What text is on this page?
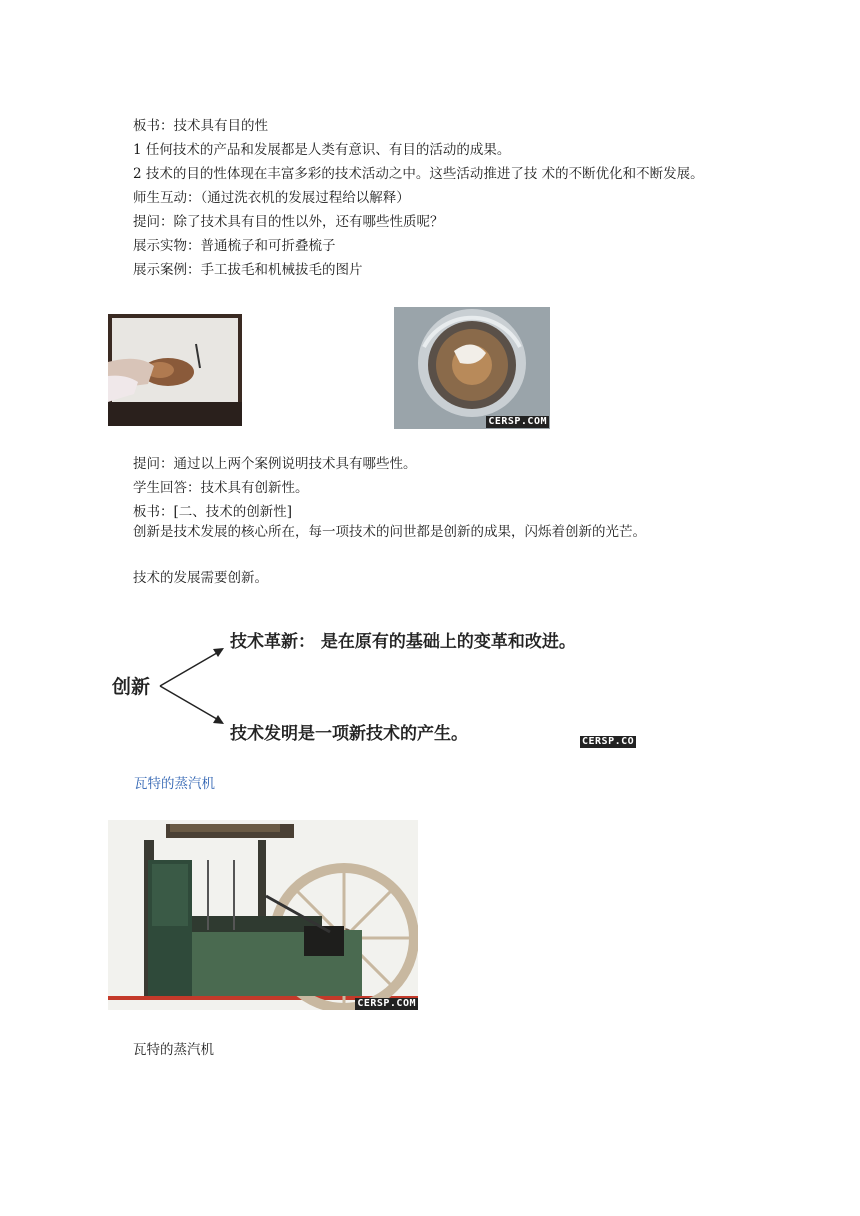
板书：技术具有目的性
1 任何技术的产品和发展都是人类有意识、有目的活动的成果。
2 技术的目的性体现在丰富多彩的技术活动之中。这些活动推进了技 术的不断优化和不断发展。
师生互动：（通过洗衣机的发展过程给以解释）
提问：除了技术具有目的性以外，还有哪些性质呢？
展示实物：普通梳子和可折叠梳子
展示案例：手工拔毛和机械拔毛的图片
CERSP.COM
提问：通过以上两个案例说明技术具有哪些性。
学生回答：技术具有创新性。
板书：[二、技术的创新性]
创新是技术发展的核心所在，每一项技术的问世都是创新的成果，闪烁着创新的光芒。
技术的发展需要创新。
创新
技术革新： 是在原有的基础上的变革和改进。
技术发明是一项新技术的产生。	CERSP.CO
瓦特的蒸汽机
CERSP.COM
瓦特的蒸汽机
